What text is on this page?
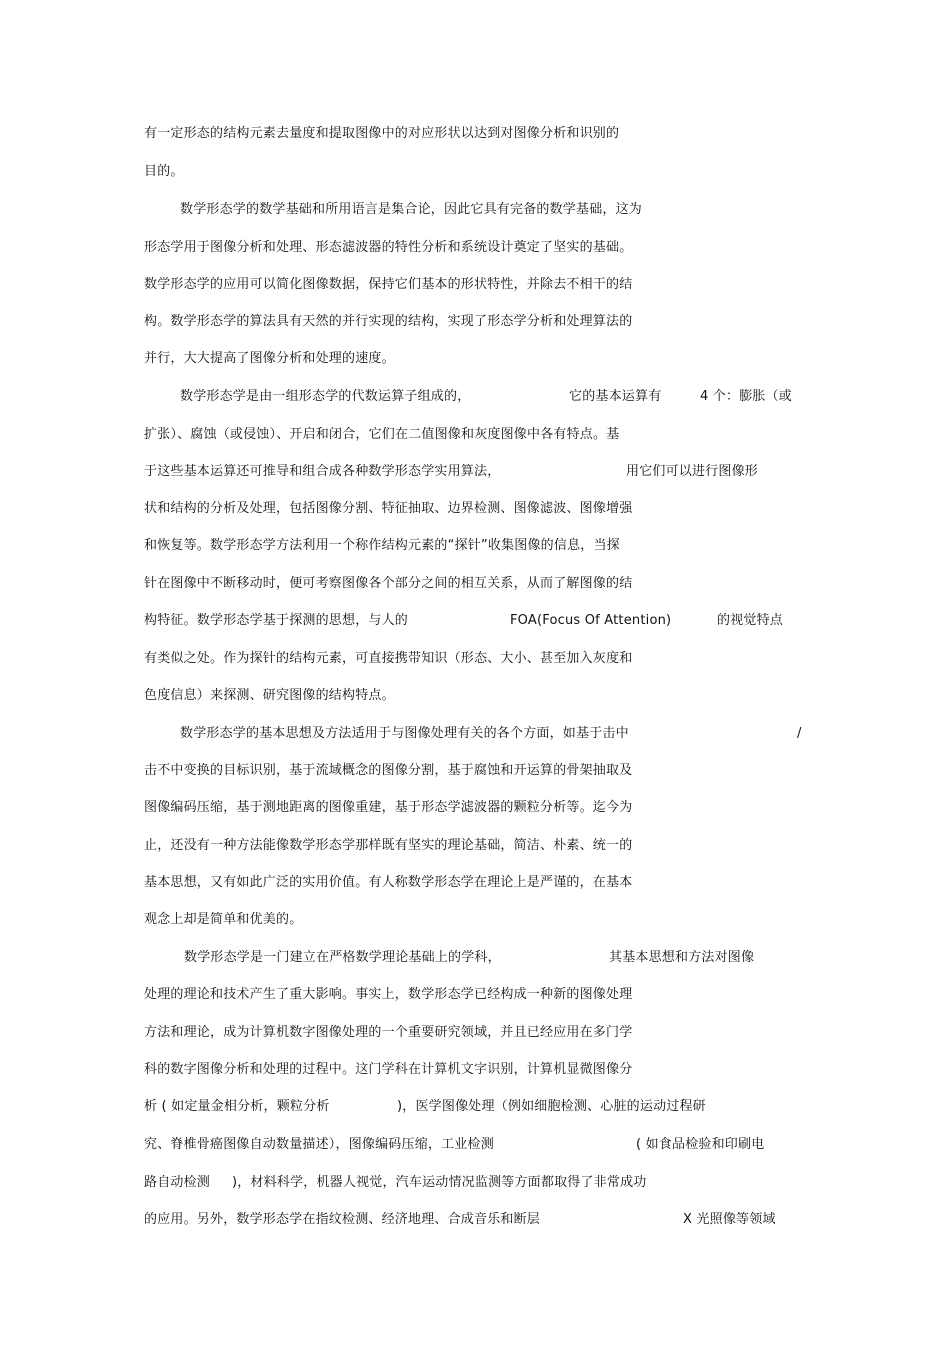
有一定形态的结构元素去量度和提取图像中的对应形状以达到对图像分析和识别的
目的。
数学形态学的数学基础和所用语言是集合论，因此它具有完备的数学基础，这为
形态学用于图像分析和处理、形态滤波器的特性分析和系统设计奠定了坚实的基础。
数学形态学的应用可以简化图像数据，保持它们基本的形状特性，并除去不相干的结
构。数学形态学的算法具有天然的并行实现的结构，实现了形态学分析和处理算法的
并行，大大提高了图像分析和处理的速度。
数学形态学是由一组形态学的代数运算子组成的，	它的基本运算有	4 个：膨胀（或
扩张）、腐蚀（或侵蚀）、开启和闭合，它们在二值图像和灰度图像中各有特点。基
于这些基本运算还可推导和组合成各种数学形态学实用算法，	用它们可以进行图像形
状和结构的分析及处理，包括图像分割、特征抽取、边界检测、图像滤波、图像增强
和恢复等。数学形态学方法利用一个称作结构元素的“探针”收集图像的信息，当探
针在图像中不断移动时，便可考察图像各个部分之间的相互关系，从而了解图像的结
构特征。数学形态学基于探测的思想，与人的	FOA(Focus Of Attention)	的视觉特点
有类似之处。作为探针的结构元素，可直接携带知识（形态、大小、甚至加入灰度和
色度信息）来探测、研究图像的结构特点。
数学形态学的基本思想及方法适用于与图像处理有关的各个方面，如基于击中	/
击不中变换的目标识别，基于流域概念的图像分割，基于腐蚀和开运算的骨架抽取及
图像编码压缩，基于测地距离的图像重建，基于形态学滤波器的颗粒分析等。迄今为
止，还没有一种方法能像数学形态学那样既有坚实的理论基础，简洁、朴素、统一的
基本思想，又有如此广泛的实用价值。有人称数学形态学在理论上是严谨的，在基本
观念上却是简单和优美的。
数学形态学是一门建立在严格数学理论基础上的学科，	其基本思想和方法对图像
处理的理论和技术产生了重大影响。事实上，数学形态学已经构成一种新的图像处理
方法和理论，成为计算机数字图像处理的一个重要研究领域，并且已经应用在多门学
科的数字图像分析和处理的过程中。这门学科在计算机文字识别，计算机显微图像分
析 ( 如定量金相分析，颗粒分析	)，医学图像处理（例如细胞检测、心脏的运动过程研
究、脊椎骨癌图像自动数量描述），图像编码压缩，工业检测	( 如食品检验和印刷电
路自动检测 )，材料科学，机器人视觉，汽车运动情况监测等方面都取得了非常成功
的应用。另外，数学形态学在指纹检测、经济地理、合成音乐和断层	X 光照像等领域
